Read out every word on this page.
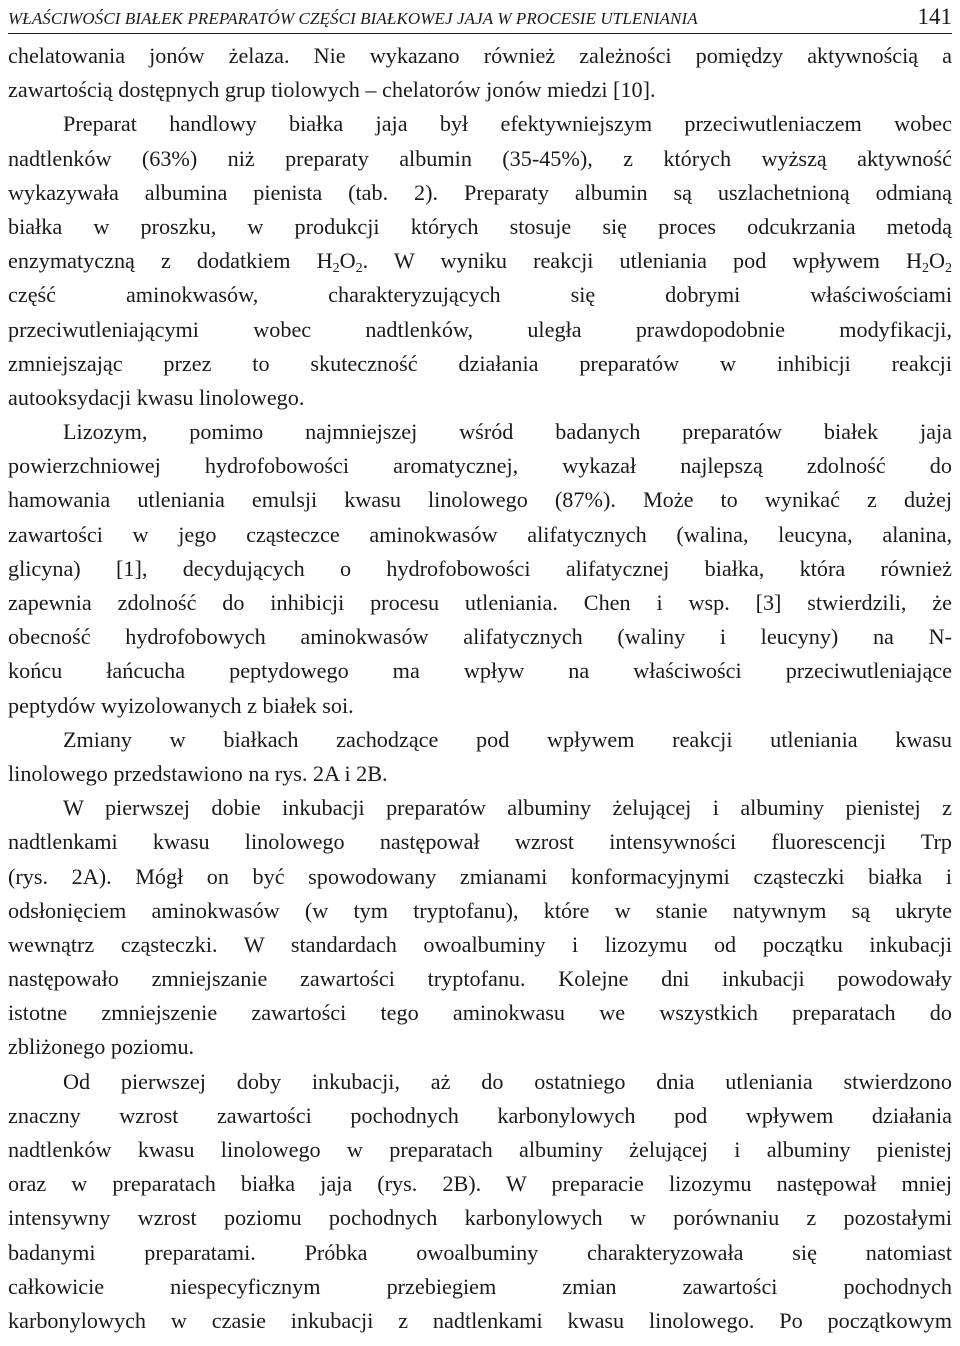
WŁAŚCIWOŚCI BIAŁEK PREPARATÓW CZĘŚCI BIAŁKOWEJ JAJA W PROCESIE UTLENIANIA	141
chelatowania jonów żelaza. Nie wykazano również zależności pomiędzy aktywnością a
zawartością dostępnych grup tiolowych – chelatorów jonów miedzi [10].
Preparat handlowy białka jaja był efektywniejszym przeciwutleniaczem wobec
nadtlenków (63%) niż preparaty albumin (35-45%), z których wyższą aktywność
wykazywała albumina pienista (tab. 2). Preparaty albumin są uszlachetnioną odmianą
białka w proszku, w produkcji których stosuje się proces odcukrzania metodą
enzymatyczną z dodatkiem $H_2O_2$. W wyniku reakcji utleniania pod wpływem $H_2O_2$
część aminokwasów, charakteryzujących się dobrymi właściwościami
przeciwutleniającymi wobec nadtlenków, uległa prawdopodobnie modyfikacji,
zmniejszając przez to skuteczność działania preparatów w inhibicji reakcji
autooksydacji kwasu linolowego.
Lizozym, pomimo najmniejszej wśród badanych preparatów białek jaja
powierzchniowej hydrofobowości aromatycznej, wykazał najlepszą zdolność do
hamowania utleniania emulsji kwasu linolowego (87%). Może to wynikać z dużej
zawartości w jego cząsteczce aminokwasów alifatycznych (walina, leucyna, alanina,
glicyna) [1], decydujących o hydrofobowości alifatycznej białka, która również
zapewnia zdolność do inhibicji procesu utleniania. Chen i wsp. [3] stwierdzili, że
obecność hydrofobowych aminokwasów alifatycznych (waliny i leucyny) na N-
końcu łańcucha peptydowego ma wpływ na właściwości przeciwutleniające
peptydów wyizolowanych z białek soi.
Zmiany w białkach zachodzące pod wpływem reakcji utleniania kwasu
linolowego przedstawiono na rys. 2A i 2B.
W pierwszej dobie inkubacji preparatów albuminy żelującej i albuminy pienistej z
nadtlenkami kwasu linolowego następował wzrost intensywności fluorescencji Trp
(rys. 2A). Mógł on być spowodowany zmianami konformacyjnymi cząsteczki białka i
odsłonięciem aminokwasów (w tym tryptofanu), które w stanie natywnym są ukryte
wewnątrz cząsteczki. W standardach owoalbuminy i lizozymu od początku inkubacji
następowało zmniejszanie zawartości tryptofanu. Kolejne dni inkubacji powodowały
istotne zmniejszenie zawartości tego aminokwasu we wszystkich preparatach do
zbliżonego poziomu.
Od pierwszej doby inkubacji, aż do ostatniego dnia utleniania stwierdzono
znaczny wzrost zawartości pochodnych karbonylowych pod wpływem działania
nadtlenków kwasu linolowego w preparatach albuminy żelującej i albuminy pienistej
oraz w preparatach białka jaja (rys. 2B). W preparacie lizozymu następował mniej
intensywny wzrost poziomu pochodnych karbonylowych w porównaniu z pozostałymi
badanymi preparatami. Próbka owoalbuminy charakteryzowała się natomiast
całkowicie niespecyficznym przebiegiem zmian zawartości pochodnych
karbonylowych w czasie inkubacji z nadtlenkami kwasu linolowego. Po początkowym
